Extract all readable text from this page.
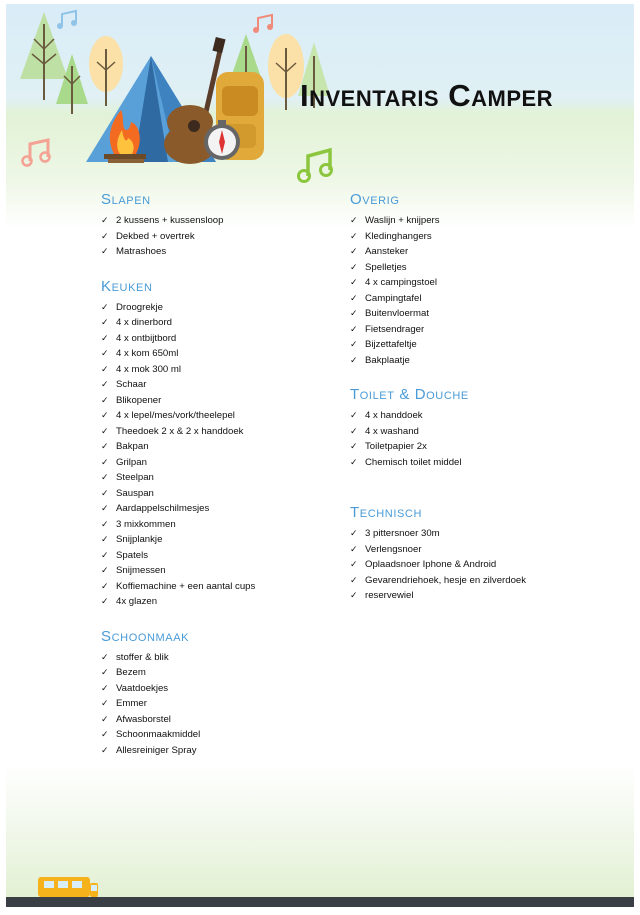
Inventaris Camper
Slapen
✓ 2 kussens + kussensloop
✓ Dekbed + overtrek
✓ Matrashoes
Keuken
✓ Droogrekje
✓ 4 x dinerbord
✓ 4 x ontbijtbord
✓ 4 x kom 650ml
✓ 4 x mok 300 ml
✓ Schaar
✓ Blikopener
✓ 4 x lepel/mes/vork/theelepel
✓ Theedoek 2 x & 2 x handdoek
✓ Bakpan
✓ Grilpan
✓ Steelpan
✓ Sauspan
✓ Aardappelschilmesjes
✓ 3 mixkommen
✓ Snijplankje
✓ Spatels
✓ Snijmessen
✓ Koffiemachine + een aantal cups
✓ 4x glazen
Schoonmaak
✓ stoffer & blik
✓ Bezem
✓ Vaatdoekjes
✓ Emmer
✓ Afwasborstel
✓ Schoonmaakmiddel
✓ Allesreiniger Spray
Overig
✓ Waslijn + knijpers
✓ Kledinghangers
✓ Aansteker
✓ Spelletjes
✓ 4 x campingstoel
✓ Campingtafel
✓ Buitenvloermat
✓ Fietsendrager
✓ Bijzettafeltje
✓ Bakplaatje
Toilet & Douche
✓ 4 x handdoek
✓ 4 x washand
✓ Toiletpapier 2x
✓ Chemisch toilet middel
Technisch
✓ 3 pittersnoer 30m
✓ Verlengsnoer
✓ Oplaadsnoer Iphone & Android
✓ Gevarendriehoek, hesje en zilverdoek
✓ reservewiel
